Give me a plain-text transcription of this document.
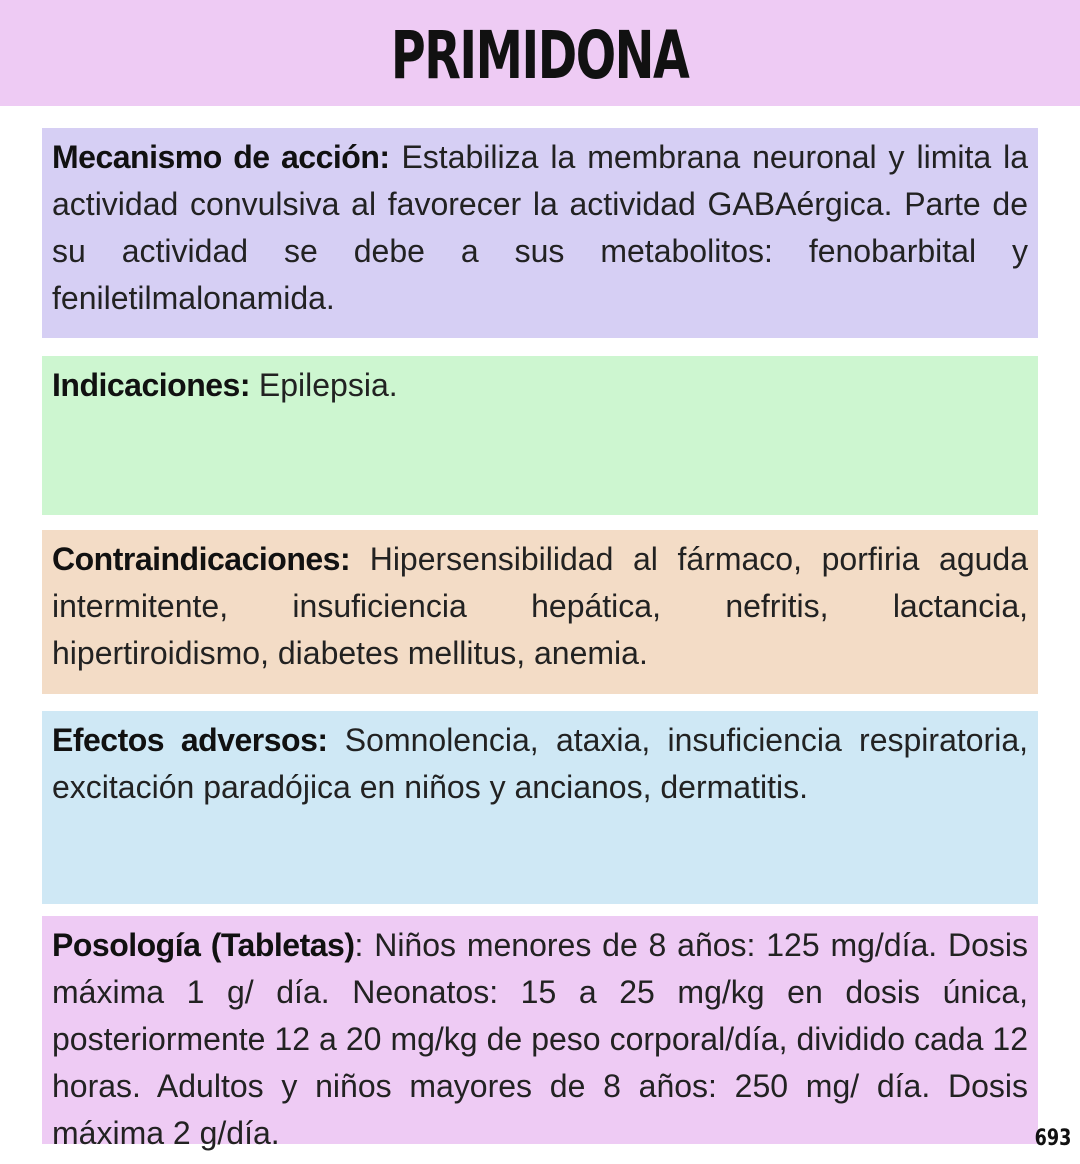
PRIMIDONA
Mecanismo de acción: Estabiliza la membrana neuronal y limita la actividad convulsiva al favorecer la actividad GABAérgica. Parte de su actividad se debe a sus metabolitos: fenobarbital y feniletilmalonamida.
Indicaciones: Epilepsia.
Contraindicaciones: Hipersensibilidad al fármaco, porfiria aguda intermitente, insuficiencia hepática, nefritis, lactancia, hipertiroidismo, diabetes mellitus, anemia.
Efectos adversos: Somnolencia, ataxia, insuficiencia respiratoria, excitación paradójica en niños y ancianos, dermatitis.
Posología (Tabletas): Niños menores de 8 años: 125 mg/día. Dosis máxima 1 g/ día. Neonatos: 15 a 25 mg/kg en dosis única, posteriormente 12 a 20 mg/kg de peso corporal/día, dividido cada 12 horas. Adultos y niños mayores de 8 años: 250 mg/ día. Dosis máxima 2 g/día.	693
